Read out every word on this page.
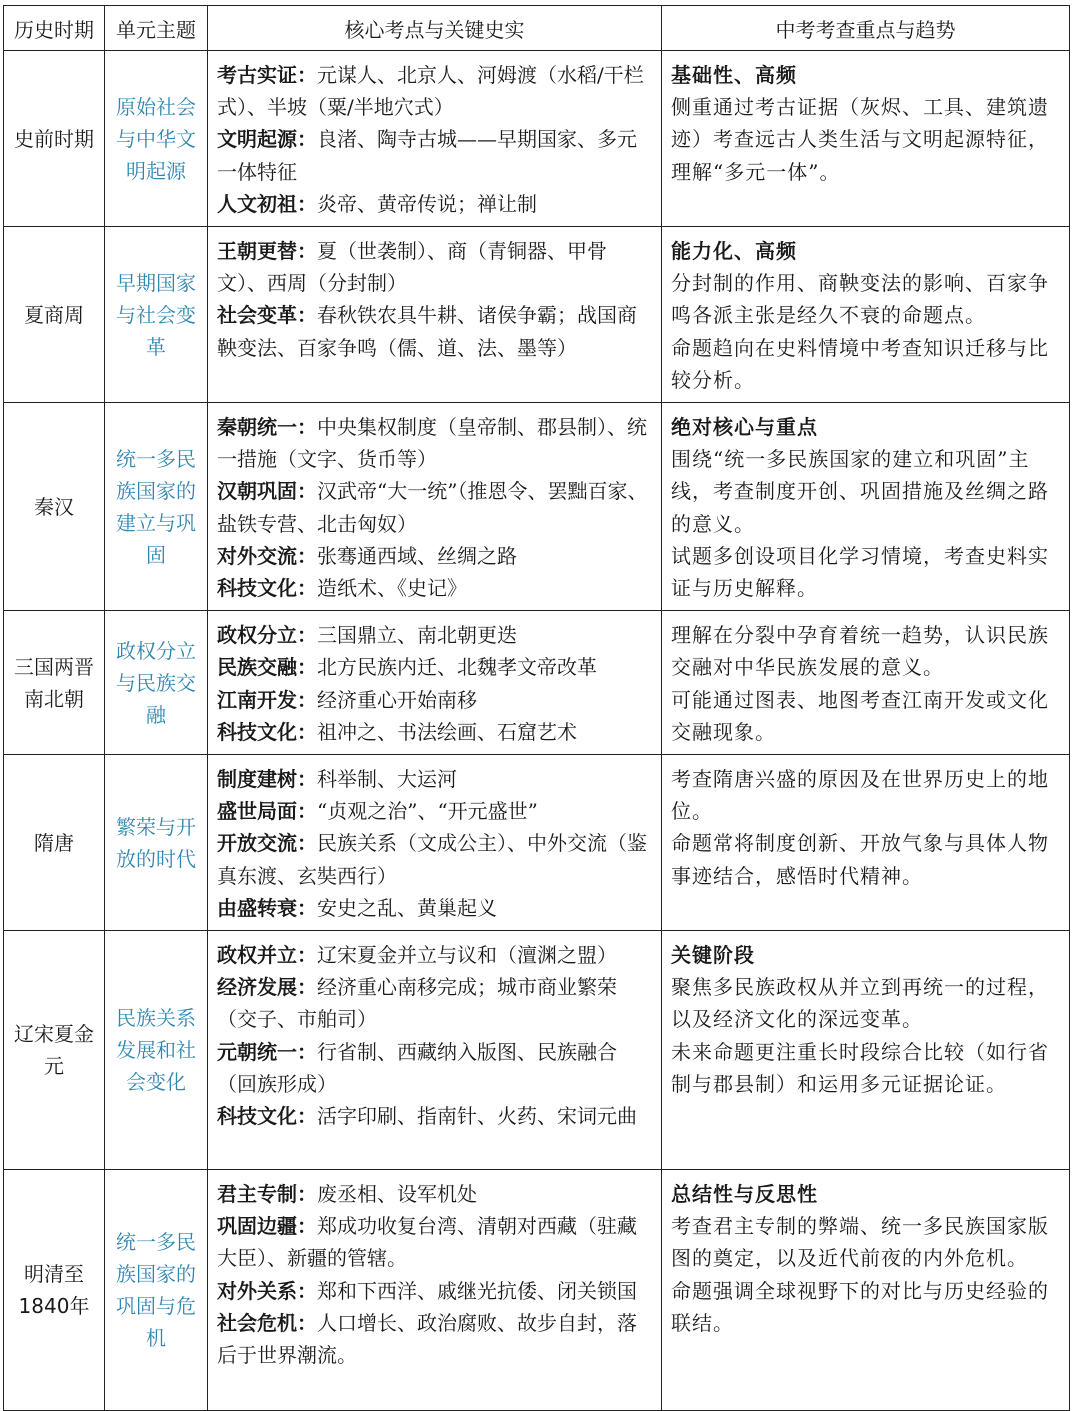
历史时期	单元主题	核心考点与关键史实	中考考查重点与趋势
史前时期	原始社会与中华文明起源	考古实证：元谋人、北京人、河姆渡（水稻/干栏式）、半坡（粟/半地穴式）
文明起源：良渚、陶寺古城——早期国家、多元一体特征
人文初祖：炎帝、黄帝传说；禅让制	基础性、高频
侧重通过考古证据（灰烬、工具、建筑遗迹）考查远古人类生活与文明起源特征，理解“多元一体”。

夏商周	早期国家与社会变革	王朝更替：夏（世袭制）、商（青铜器、甲骨文）、西周（分封制）
社会变革：春秋铁农具牛耕、诸侯争霸；战国商鞅变法、百家争鸣（儒、道、法、墨等）	能力化、高频
分封制的作用、商鞅变法的影响、百家争鸣各派主张是经久不衰的命题点。
命题趋向在史料情境中考查知识迁移与比较分析。

秦汉	统一多民族国家的建立与巩固	秦朝统一：中央集权制度（皇帝制、郡县制）、统一措施（文字、货币等）
汉朝巩固：汉武帝“大一统”（推恩令、罢黜百家、盐铁专营、北击匈奴）
对外交流：张骞通西域、丝绸之路
科技文化：造纸术、《史记》	绝对核心与重点
围绕“统一多民族国家的建立和巩固”主线，考查制度开创、巩固措施及丝绸之路的意义。
试题多创设项目化学习情境，考查史料实证与历史解释。

三国两晋南北朝	政权分立与民族交融	政权分立：三国鼎立、南北朝更迭
民族交融：北方民族内迁、北魏孝文帝改革
江南开发：经济重心开始南移
科技文化：祖冲之、书法绘画、石窟艺术	理解在分裂中孕育着统一趋势，认识民族交融对中华民族发展的意义。
可能通过图表、地图考查江南开发或文化交融现象。

隋唐	繁荣与开放的时代	制度建树：科举制、大运河
盛世局面：“贞观之治”、“开元盛世”
开放交流：民族关系（文成公主）、中外交流（鉴真东渡、玄奘西行）
由盛转衰：安史之乱、黄巢起义	考查隋唐兴盛的原因及在世界历史上的地位。
命题常将制度创新、开放气象与具体人物事迹结合，感悟时代精神。

辽宋夏金元	民族关系发展和社会变化	政权并立：辽宋夏金并立与议和（澶渊之盟）
经济发展：经济重心南移完成；城市商业繁荣（交子、市舶司）
元朝统一：行省制、西藏纳入版图、民族融合（回族形成）
科技文化：活字印刷、指南针、火药、宋词元曲	关键阶段
聚焦多民族政权从并立到再统一的过程，以及经济文化的深远变革。
未来命题更注重长时段综合比较（如行省制与郡县制）和运用多元证据论证。

明清至1840年	统一多民族国家的巩固与危机	君主专制：废丞相、设军机处
巩固边疆：郑成功收复台湾、清朝对西藏（驻藏大臣）、新疆的管辖。
对外关系：郑和下西洋、戚继光抗倭、闭关锁国
社会危机：人口增长、政治腐败、故步自封，落后于世界潮流。	总结性与反思性
考查君主专制的弊端、统一多民族国家版图的奠定，以及近代前夜的内外危机。
命题强调全球视野下的对比与历史经验的联结。
